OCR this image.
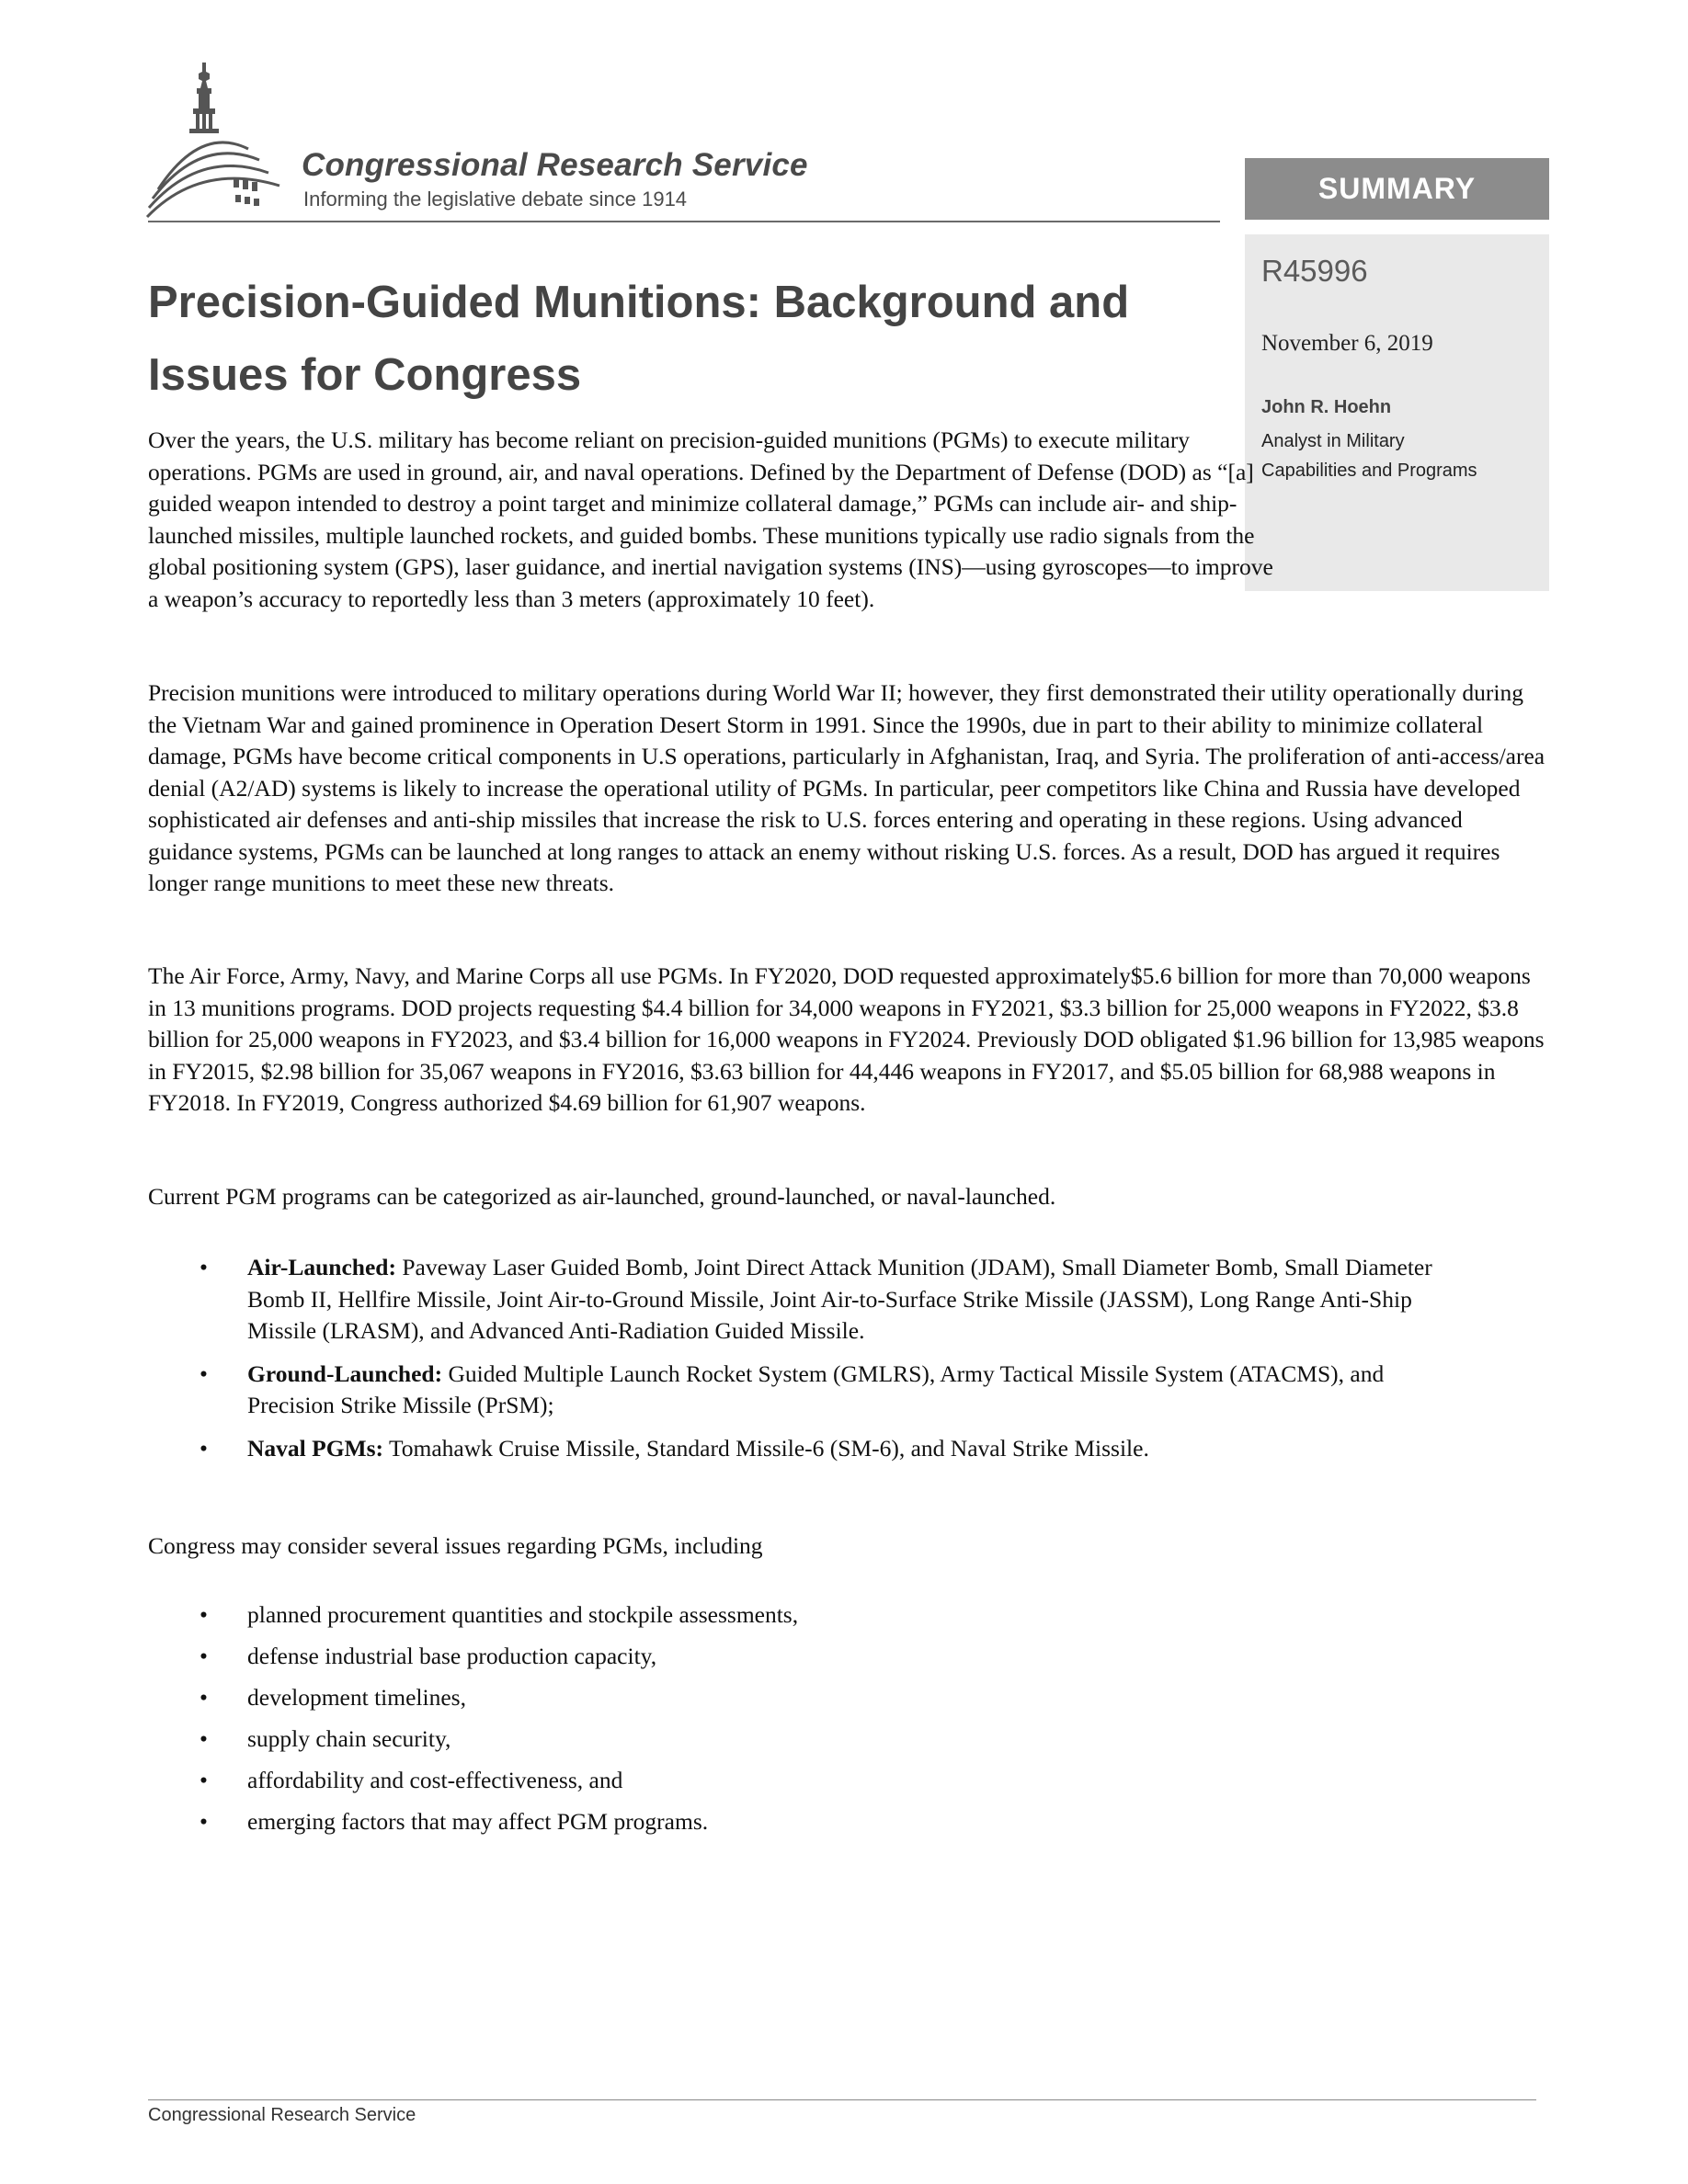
Congressional Research Service
Informing the legislative debate since 1914	SUMMARY
R45996
November 6, 2019
John R. Hoehn
Analyst in Military
Capabilities and Programs
Precision-Guided Munitions: Background and
Issues for Congress
Over the years, the U.S. military has become reliant on precision-guided munitions (PGMs) to execute military operations. PGMs are used in ground, air, and naval operations. Defined by the Department of Defense (DOD) as “[a] guided weapon intended to destroy a point target and minimize collateral damage,” PGMs can include air- and ship-launched missiles, multiple launched rockets, and guided bombs. These munitions typically use radio signals from the global positioning system (GPS), laser guidance, and inertial navigation systems (INS)—using gyroscopes—to improve a weapon’s accuracy to reportedly less than 3 meters (approximately 10 feet).
Precision munitions were introduced to military operations during World War II; however, they first demonstrated their utility operationally during the Vietnam War and gained prominence in Operation Desert Storm in 1991. Since the 1990s, due in part to their ability to minimize collateral damage, PGMs have become critical components in U.S operations, particularly in Afghanistan, Iraq, and Syria. The proliferation of anti-access/area denial (A2/AD) systems is likely to increase the operational utility of PGMs. In particular, peer competitors like China and Russia have developed sophisticated air defenses and anti-ship missiles that increase the risk to U.S. forces entering and operating in these regions. Using advanced guidance systems, PGMs can be launched at long ranges to attack an enemy without risking U.S. forces. As a result, DOD has argued it requires longer range munitions to meet these new threats.
The Air Force, Army, Navy, and Marine Corps all use PGMs. In FY2020, DOD requested approximately$5.6 billion for more than 70,000 weapons in 13 munitions programs. DOD projects requesting $4.4 billion for 34,000 weapons in FY2021, $3.3 billion for 25,000 weapons in FY2022, $3.8 billion for 25,000 weapons in FY2023, and $3.4 billion for 16,000 weapons in FY2024. Previously DOD obligated $1.96 billion for 13,985 weapons in FY2015, $2.98 billion for 35,067 weapons in FY2016, $3.63 billion for 44,446 weapons in FY2017, and $5.05 billion for 68,988 weapons in FY2018. In FY2019, Congress authorized $4.69 billion for 61,907 weapons.
Current PGM programs can be categorized as air-launched, ground-launched, or naval-launched.
• Air-Launched: Paveway Laser Guided Bomb, Joint Direct Attack Munition (JDAM), Small Diameter Bomb, Small Diameter Bomb II, Hellfire Missile, Joint Air-to-Ground Missile, Joint Air-to-Surface Strike Missile (JASSM), Long Range Anti-Ship Missile (LRASM), and Advanced Anti-Radiation Guided Missile.
• Ground-Launched: Guided Multiple Launch Rocket System (GMLRS), Army Tactical Missile System (ATACMS), and Precision Strike Missile (PrSM);
• Naval PGMs: Tomahawk Cruise Missile, Standard Missile-6 (SM-6), and Naval Strike Missile.
Congress may consider several issues regarding PGMs, including
• planned procurement quantities and stockpile assessments,
• defense industrial base production capacity,
• development timelines,
• supply chain security,
• affordability and cost-effectiveness, and
• emerging factors that may affect PGM programs.
Congressional Research Service
